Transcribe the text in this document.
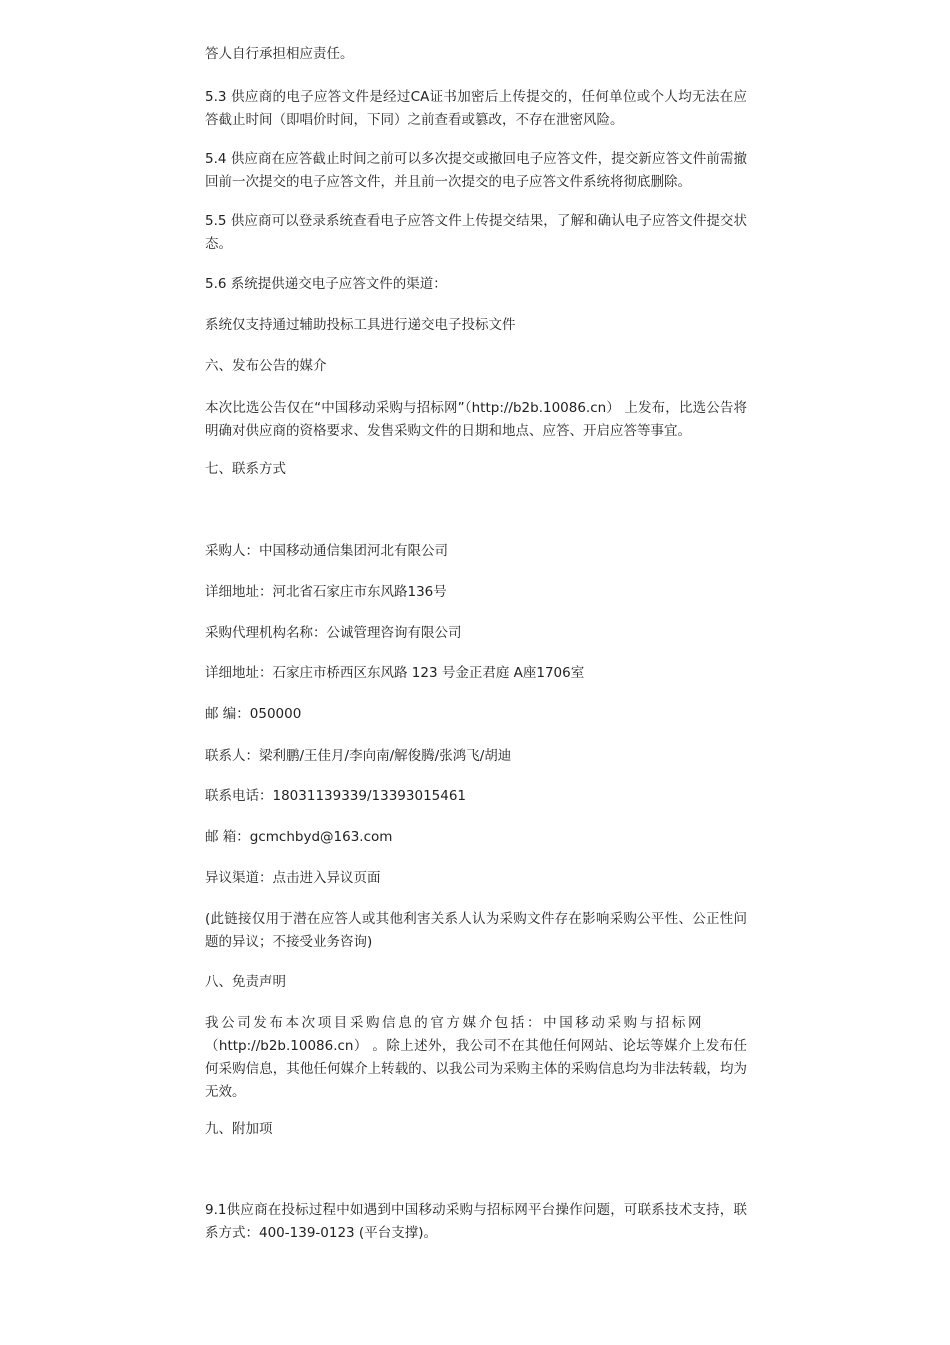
答人自行承担相应责任。
5.3 供应商的电子应答文件是经过CA证书加密后上传提交的，任何单位或个人均无法在应答截止时间（即唱价时间，下同）之前查看或篡改，不存在泄密风险。
5.4 供应商在应答截止时间之前可以多次提交或撤回电子应答文件，提交新应答文件前需撤回前一次提交的电子应答文件，并且前一次提交的电子应答文件系统将彻底删除。
5.5 供应商可以登录系统查看电子应答文件上传提交结果，了解和确认电子应答文件提交状态。
5.6 系统提供递交电子应答文件的渠道：
系统仅支持通过辅助投标工具进行递交电子投标文件
六、发布公告的媒介
本次比选公告仅在“中国移动采购与招标网”（http://b2b.10086.cn） 上发布，比选公告将明确对供应商的资格要求、发售采购文件的日期和地点、应答、开启应答等事宜。
七、联系方式
采购人：中国移动通信集团河北有限公司
详细地址：河北省石家庄市东风路136号
采购代理机构名称：公诚管理咨询有限公司
详细地址：石家庄市桥西区东风路 123 号金正君庭 A座1706室
邮 编：050000
联系人：梁利鹏/王佳月/李向南/解俊腾/张鸿飞/胡迪
联系电话：18031139339/13393015461
邮 箱：gcmchbyd@163.com
异议渠道：点击进入异议页面
(此链接仅用于潜在应答人或其他利害关系人认为采购文件存在影响采购公平性、公正性问题的异议；不接受业务咨询)
八、免责声明
我公司发布本次项目采购信息的官方媒介包括：中国移动采购与招标网
（http://b2b.10086.cn） 。除上述外，我公司不在其他任何网站、论坛等媒介上发布任何采购信息，其他任何媒介上转载的、以我公司为采购主体的采购信息均为非法转载，均为无效。
九、附加项
9.1供应商在投标过程中如遇到中国移动采购与招标网平台操作问题，可联系技术支持，联系方式：400-139-0123 (平台支撑)。
